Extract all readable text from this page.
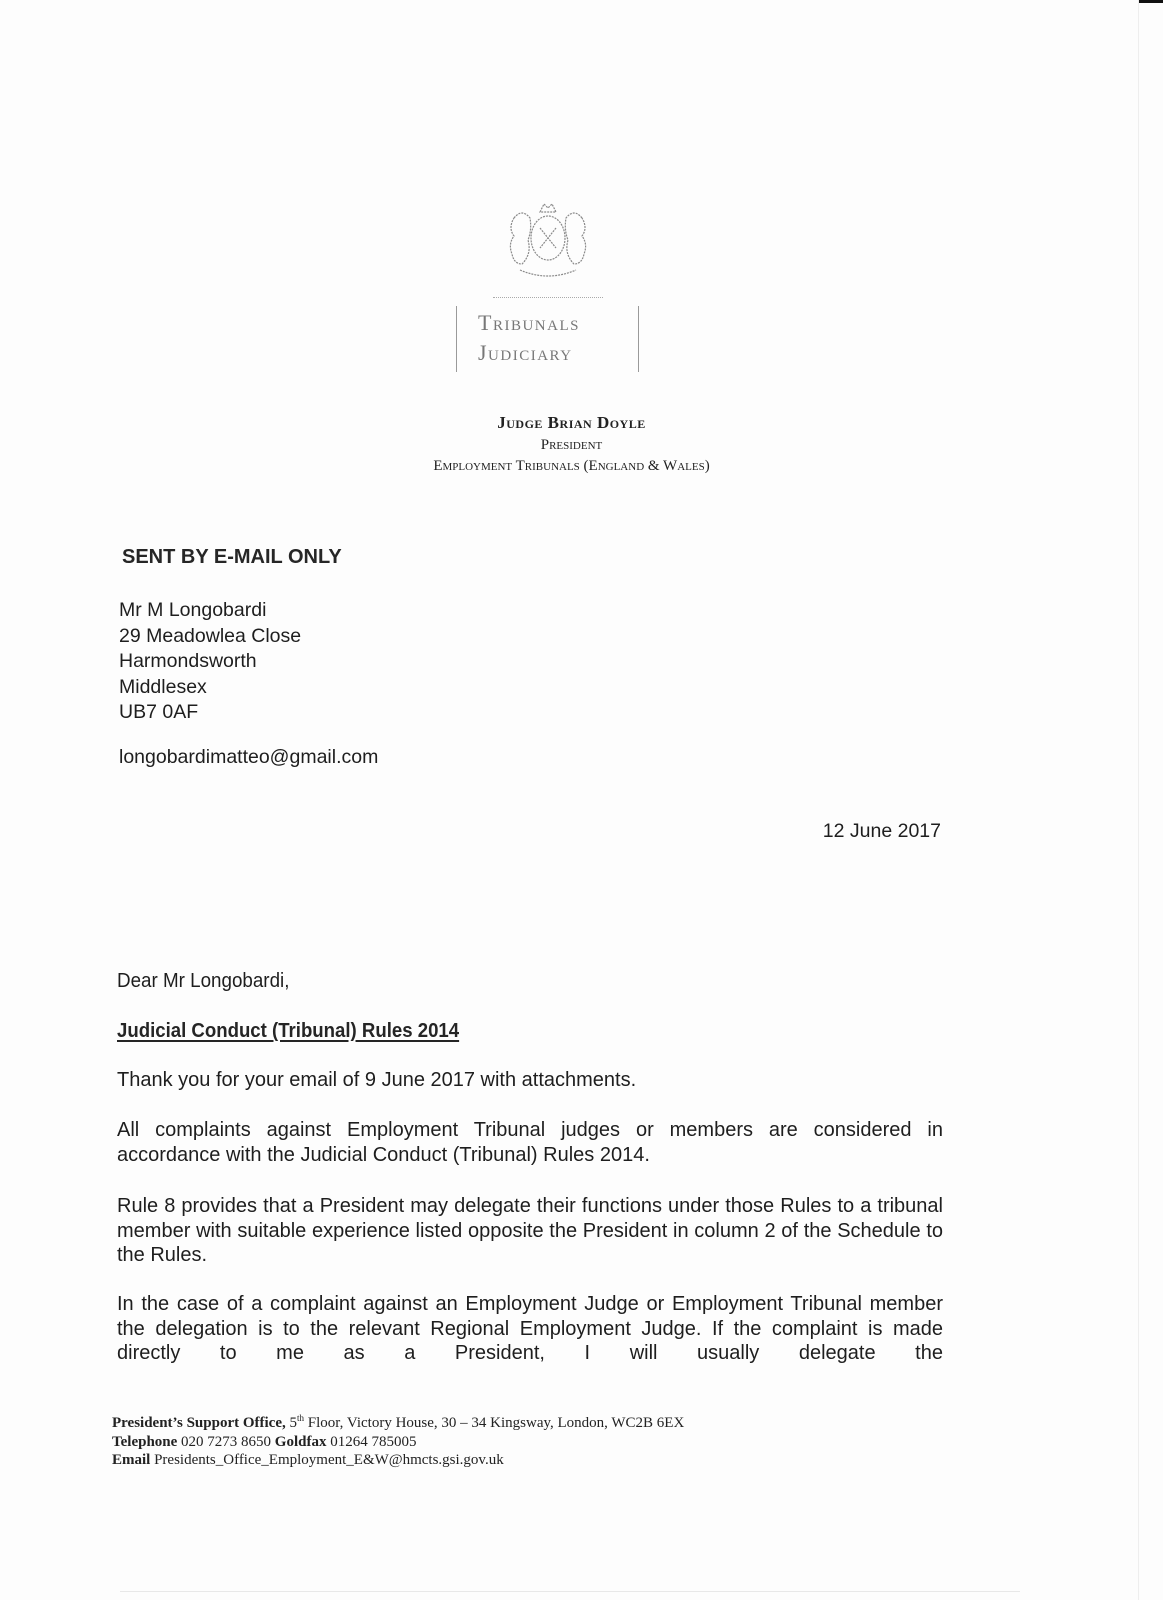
Tribunals
Judiciary
Judge Brian Doyle
President
Employment Tribunals (England & Wales)
SENT BY E-MAIL ONLY
Mr M Longobardi
29 Meadowlea Close
Harmondsworth
Middlesex
UB7 0AF
longobardimatteo@gmail.com
12 June 2017
Dear Mr Longobardi,
Judicial Conduct (Tribunal) Rules 2014
Thank you for your email of 9 June 2017 with attachments.
All complaints against Employment Tribunal judges or members are considered in accordance with the Judicial Conduct (Tribunal) Rules 2014.
Rule 8 provides that a President may delegate their functions under those Rules to a tribunal member with suitable experience listed opposite the President in column 2 of the Schedule to the Rules.
In the case of a complaint against an Employment Judge or Employment Tribunal member the delegation is to the relevant Regional Employment Judge. If the complaint is made directly to me as a President, I will usually delegate the
President’s Support Office, 5th Floor, Victory House, 30 – 34 Kingsway, London, WC2B 6EX
Telephone 020 7273 8650 Goldfax 01264 785005
Email Presidents_Office_Employment_E&W@hmcts.gsi.gov.uk
